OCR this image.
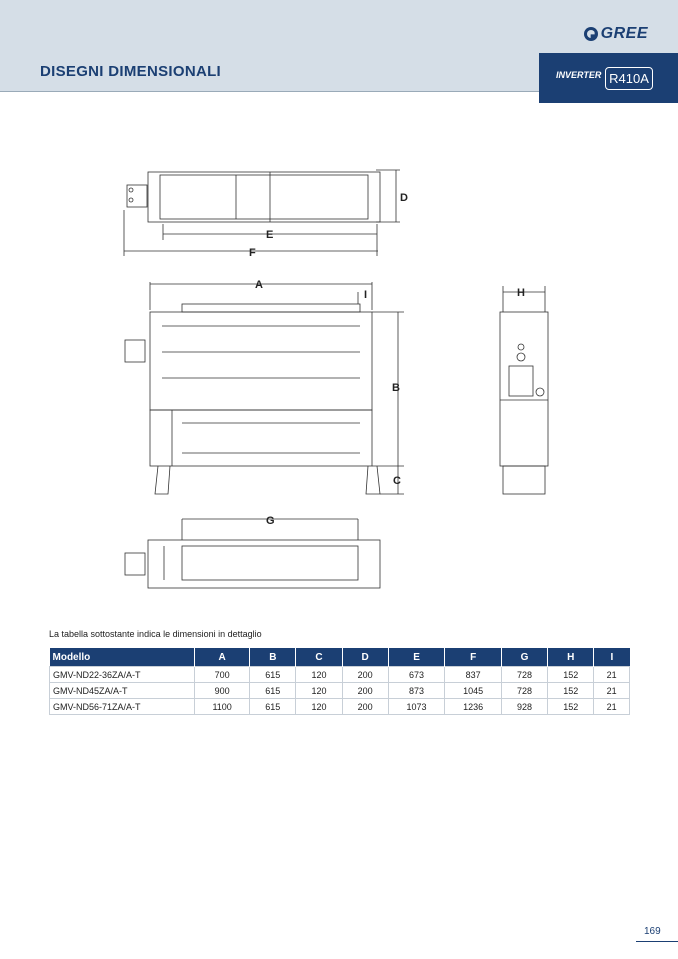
GREE
DISEGNI DIMENSIONALI	INVERTER R410A
D
E
F
A
I
B
C
H
G
La tabella sottostante indica le dimensioni in dettaglio
Modello	A	B	C	D	E	F	G	H	I
GMV-ND22-36ZA/A-T	700	615	120	200	673	837	728	152	21
GMV-ND45ZA/A-T	900	615	120	200	873	1045	728	152	21
GMV-ND56-71ZA/A-T	1100	615	120	200	1073	1236	928	152	21
169
